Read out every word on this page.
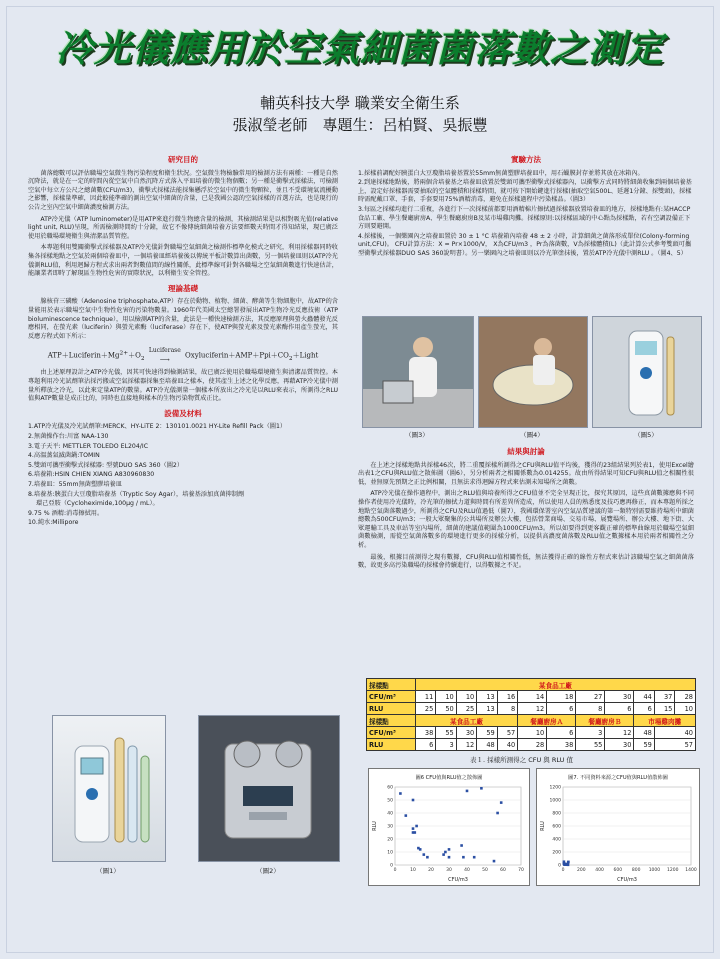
冷光儀應用於空氣細菌菌落數之測定
輔英科技大學 職業安全衛生系
張淑瑩老師　專題生：呂柏賢、吳振豐
研究目的

菌落總數可以評估職場空氣微生物污染程度和衛生狀況。空氣微生物檢驗常用的檢測方法有兩種：一種是自然沉降法，就是在一定的時間內從空氣中自然沉降方式落入平皿培養的微生物個數；另一種是衝擊式採樣法，可檢測空氣中每立方公尺之總菌數(CFU/m3)，衝擊式採樣法能採集懸浮於空氣中的微生物顆粒，並且不受環境氣流擾動之影響，採樣量準確，因此較能準確的測出空氣中細菌的含量，已是我國公認的空氣採樣的首選方法，也是現行的公告之室內空氣中細菌濃度檢測方法。

ATP冷光儀（ATP luminometer)是用ATP來進行微生物總含量的檢測，其檢測結果是以相對吸光值(relative light unit, RLU)呈現，所需檢測時間約十分鐘，故它不像傳統細菌培養方法要經數天時間才得知結果，現已廣泛使用於職場環境衛生與清潔品質管控。

本專題利用雙關衝擊式採樣器及ATP冷光儀針對職場空氣細菌之檢測作標準化模式之研究，利用採樣器同時收集各採樣地點之空氣於兩個培養皿中，一個培養皿經培養後以傳統平板計數算出菌數，另一個培養皿則以ATP冷光儀測RLU值，利用迴歸方程式求出兩者對數值間的線性關係，此標準線可針對各職場之空氣細菌數進行快速估計，能讓業者即時了解現區生物性危害的實際狀況，以利衛生安全管控。

理論基礎

腺核苷三磷酸（Adenosine triphosphate,ATP）存在於動物、植物、細菌、酵菌等生物細胞中，故ATP的含量能用於表示職場空氣中生物性危害的污染物數量。1960年代美國太空總署發展出ATP生物冷光反應技術（ATP bioluminescence technique），用以檢測ATP的含量，此法是一種快速檢測方法，其反應原理與螢火蟲體發光反應相同，在螢光素（luciferin）與螢光素酶（luciferase）存在下，使ATP與螢光素及螢光素酶作用產生螢光，其反應方程式如下所示：

$ATP+Luciferin+Mg^{2+}+O_2$
Luciferase
⟶	$Oxyluciferin+AMP+Ppi+CO_2+Light$

由上述原理設計之ATP冷光儀，因其可快速得到檢測結果，故已廣泛使用於職場環境衛生與清潔品質管控。本專題利用冷光試劑筆沾採污搬或空氣採樣器採集至培養皿之樣本，使其產生上述之化學反應，再藉ATP冷光儀中測量所釋放之冷光，以此來定量ATP的數量。ATP冷光儀測量一個樣本所放出之冷光是以RLU來表示，所測得之RLU值與ATP數量是成正比的，同時也直接地與樣本的生物污染物質成正比。

設備及材料
1.ATP冷光儀及冷光試劑筆:MERCK、HY-LiTE 2：130101.0021 HY-Lite Refill Pack（圖1）
2.無菌操作台:川富 NAA-130
3.電子天平: METTLER TOLEDO EL204/IC
4.高溫蒸氣滅菌鍋:TOMIN
5.雙頭可攜型衝擊式採樣器: 型號DUO SAS 360（圖2）
6.培養箱:HSIN CHIEN XIANG A830960830
7.培養皿：55mm無菌塑膠培養皿
8.培養基:胰蛋白大豆瓊脂培養基（Tryptic Soy Agar），培養基添加真菌抑制劑
環己亞胺（Cycloheximide,100µg / mL）。
9.75 % 酒精:消毒擦拭用。
10.純水:Millipore
（圖1）	（圖2）
實驗方法
1.採樣前調配好胰蛋白大豆瓊脂培養基置於55mm無菌塑膠培養皿中，用石蠟膜封存並將其放在冰箱內。
2.到達採樣地點後，將兩個含培養基之培養皿放置於雙頭可攜型衝擊式採樣器內，以衝擊方式同時將細菌收集到兩個培養基上，設定好採樣器需要抽取的空氣體積和採樣時間，就可按下開始鍵進行採樣(抽取空氣500L、延遲1分鐘、採雙頭)，採樣時需配戴口罩、手套，手套要用75%酒精消毒，避免在採樣過程中污染樣品。（圖3）
3.每區之採樣均進行二重複，各進行下一次採樣前都要用酒精棉片擦拭過採樣器放置培養皿的地方，採樣地點有:某HACCP食品工廠、學生餐廳廚房A、學生餐廳廚房B及某市場雞肉攤。採樣原則:以採樣區域的中心點為採樣點，若有空調設備正下方則要避開。
4.採樣後，一個樂園內之培養皿置於 30 ± 1 °C 培養箱內培養 48 ± 2 小時，計算細菌之菌落形成單位(Colony-forming unit,CFU)。 CFU計算方法：X = Pr×1000/V， X為CFU/m3 ，Pr為落菌數，V為採樣體積(L)（此計算公式參考雙頭可攜型衝擊式採樣器DUO SAS 360說明書）。另一樂園內之培養皿則以冷光筆塗抹後，置於ATP冷光儀中測RLU 。（圖4、5）
（圖3）	（圖4）	（圖5）
結果與討論

在上述之採樣地點共採樣46次，將二重覆採樣所測得之CFU與RLU值平均後，獲得的23組結果列於表1，使用Excel繪出表1之CFU與RLU值之散佈圖（圖6），另分析兩者之相關係數為0.014255。故由所得結果可知CFU與RLU值之相關性很低，並無原先預期之正比例相關，且無法求得迴歸方程式來估測未知場所之菌數。

ATP冷光儀在操作過程中，測出之RLU值與培養所得之CFU值並不完全呈現正比，探究其原因，這些真菌數據應與不同操作者使用冷光儀時，冷光筆的擦拭力道與時間有所差異所造成，所以使用人員的熟悉度及技巧應再修正，而本專題所採之地點空氣菌落數過少，所測得之CFU及RLU值過低（圖7），我國環保署室內空氣品質建議的第一類特別需要維持場所中細菌總數為500CFU/m3；一般大眾聚集的公共場所及辦公大樓，包括營業商場、交易市場、展覽場所、辦公大樓、地下街、大眾運輸工具及車站等室內場所，細菌的建議值範圍為1000CFU/m3。所以如要得到更客觀正確的標準曲線用於職場空氣細菌數檢測，需從空氣菌落數多的環境進行更多的採樣分析，以提供高濃度菌落數及RLU值之數據樣本用於兩者相關性之分析。

最後，根據目前測得之現有數據，CFU與RLU值相關性低，無法獲得正確的線性方程式來估計該職場空氣之細菌菌落數，故更多高污染職場的採樣會持續進行，以得數據之不足。

採樣點	某食品工廠											
CFU/m³	11	10	10	13	16	14	18	27	30	44	37	28
RLU	25	50	25	13	8	12	6	8	6	6	15	10
採樣點	某食品工廠					餐廳廚房Ａ		餐廳廚房Ｂ		市場雞肉攤		
CFU/m³	38	55	30	59	57	10	6	3	12	48	40	
RLU	6	3	12	48	40	28	38	55	30	59	57	
表１. 採樣所測得之 CFU 與 RLU 值
圖6 CFU值與RLU值之散佈圖
0
10
20
30
40
50
60
0	10	20	30	40	50	60	70
CFU/m3
RLU
圖7. 不同資料來源之CFU值與RLU值散佈圖
0
200
400
600
800
1000
1200
0	200 400 600 800 1000 1200 1400
CFU/m3
RLU
